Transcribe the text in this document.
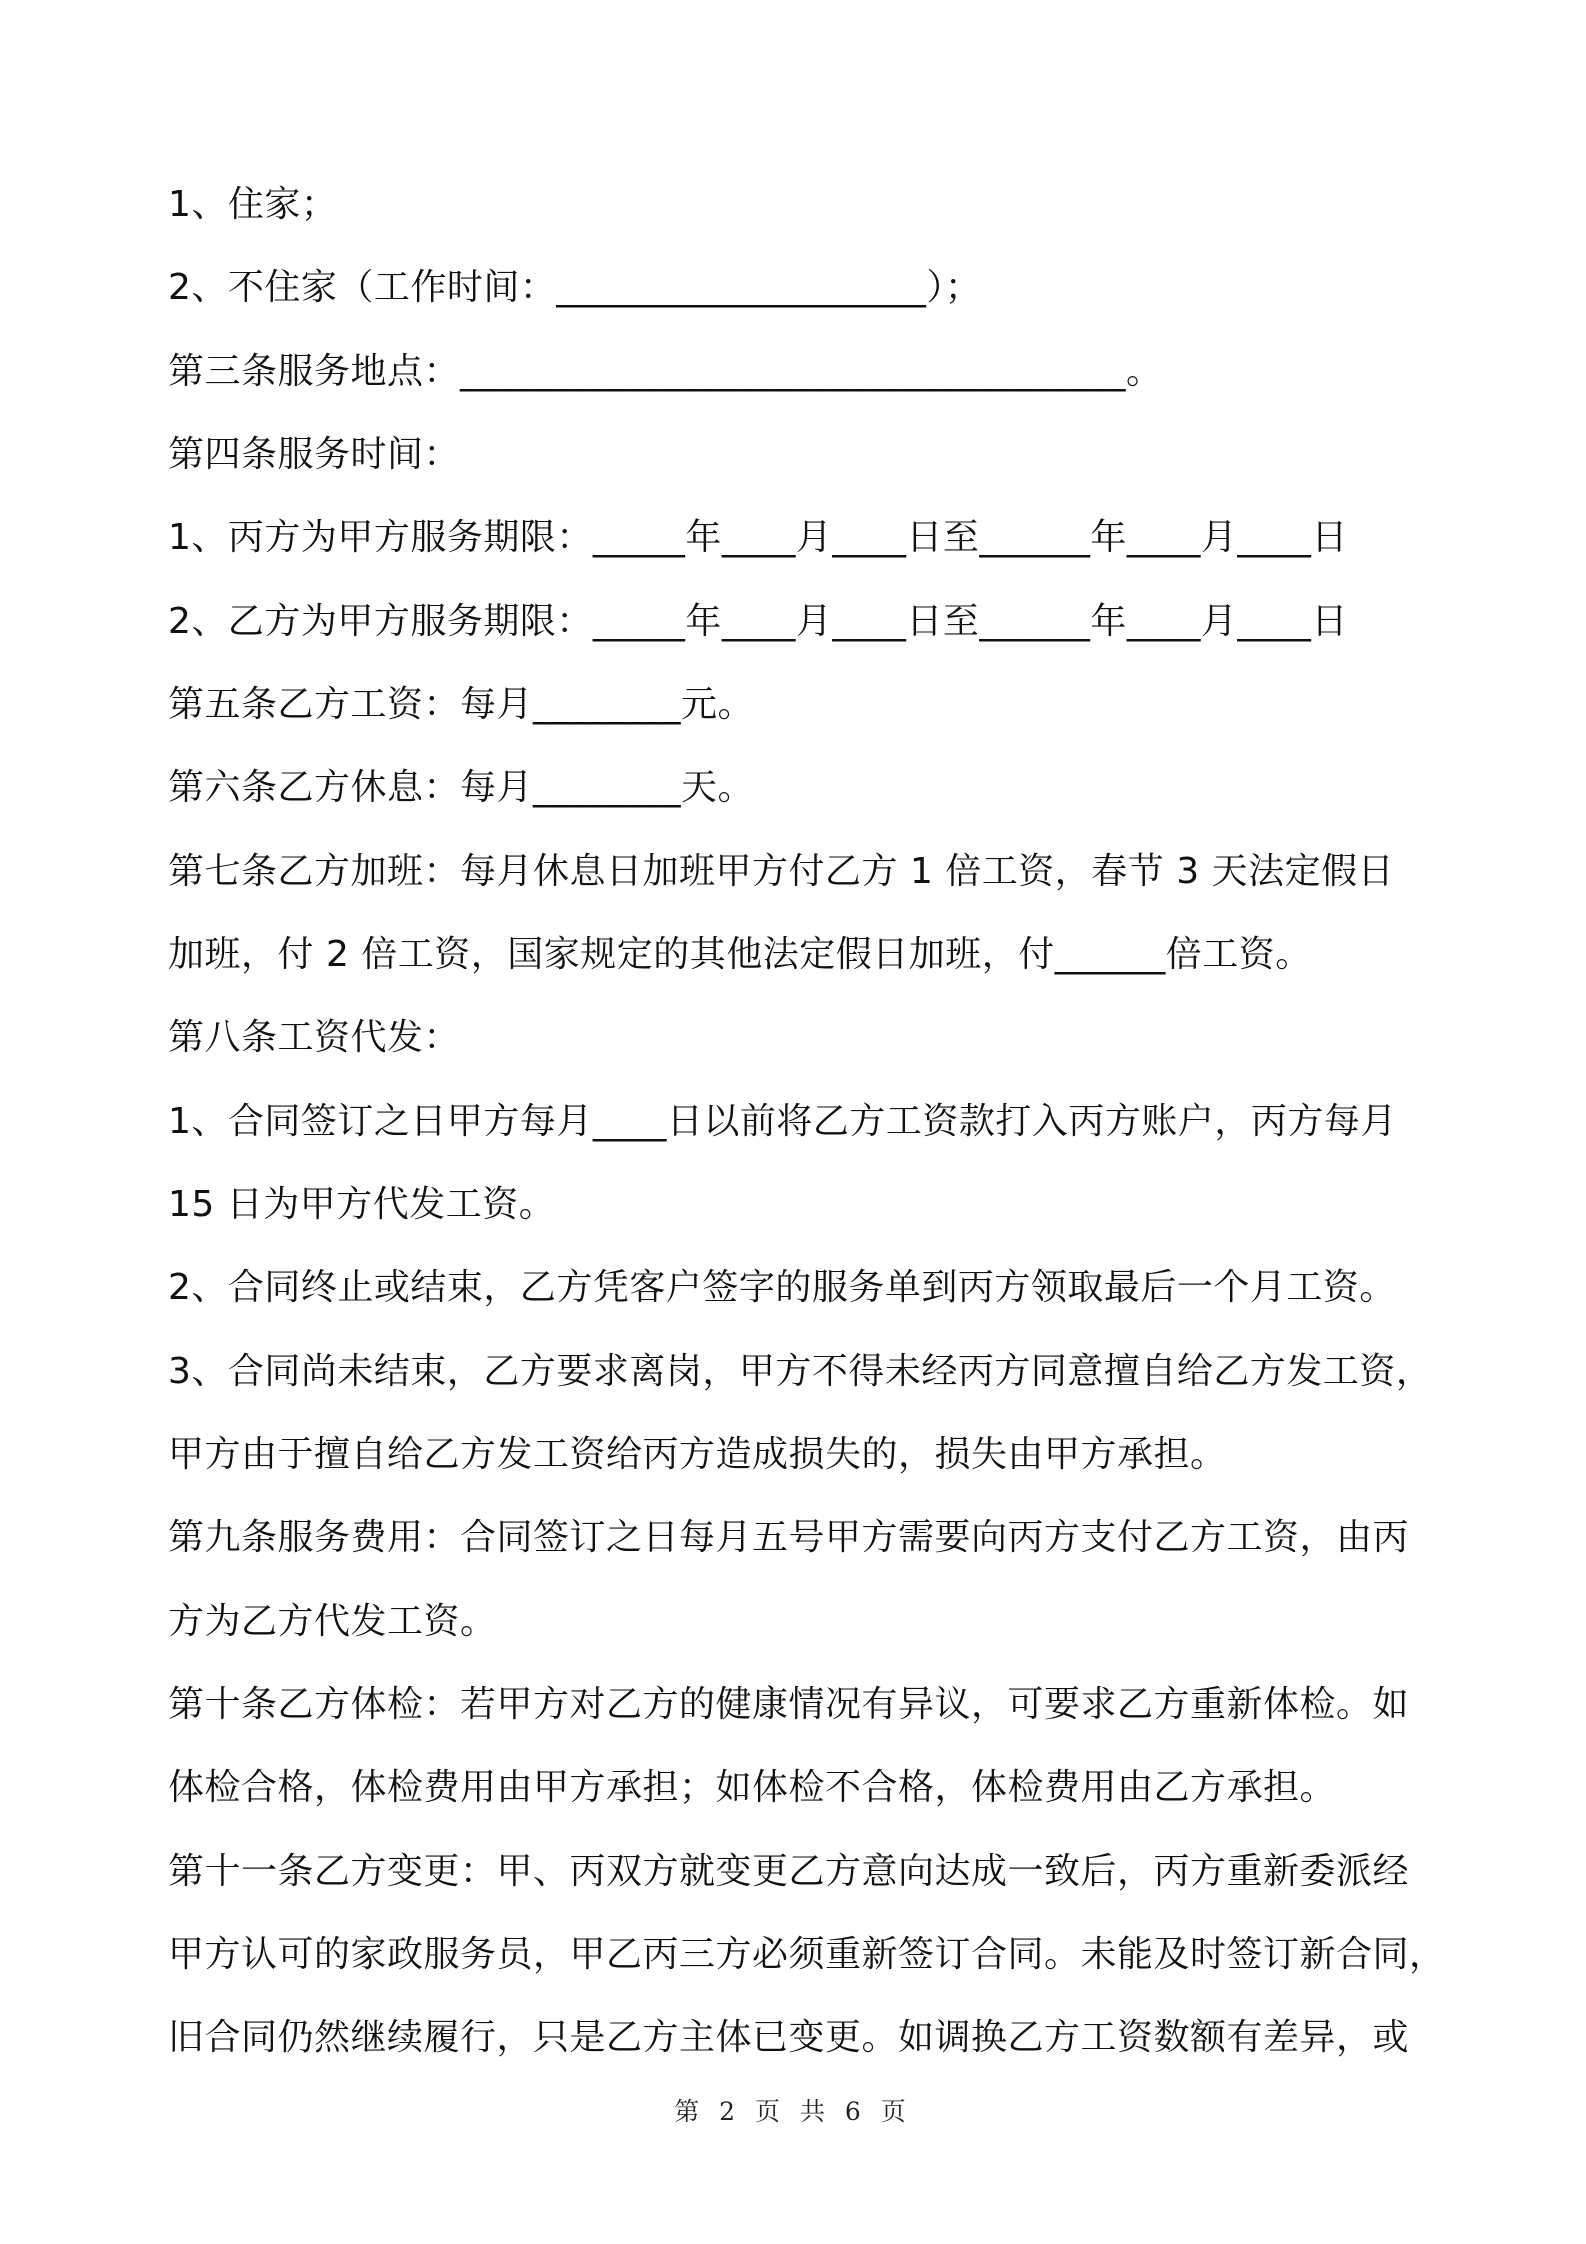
1、住家；
2、不住家（工作时间：____________________）；
第三条服务地点：____________________________________。
第四条服务时间：
1、丙方为甲方服务期限：_____年____月____日至______年____月____日
2、乙方为甲方服务期限：_____年____月____日至______年____月____日
第五条乙方工资：每月________元。
第六条乙方休息：每月________天。
第七条乙方加班：每月休息日加班甲方付乙方 1 倍工资，春节 3 天法定假日
加班，付 2 倍工资，国家规定的其他法定假日加班，付______倍工资。
第八条工资代发：
1、合同签订之日甲方每月____日以前将乙方工资款打入丙方账户，丙方每月
15 日为甲方代发工资。
2、合同终止或结束，乙方凭客户签字的服务单到丙方领取最后一个月工资。
3、合同尚未结束，乙方要求离岗，甲方不得未经丙方同意擅自给乙方发工资，
甲方由于擅自给乙方发工资给丙方造成损失的，损失由甲方承担。
第九条服务费用：合同签订之日每月五号甲方需要向丙方支付乙方工资，由丙
方为乙方代发工资。
第十条乙方体检：若甲方对乙方的健康情况有异议，可要求乙方重新体检。如
体检合格，体检费用由甲方承担；如体检不合格，体检费用由乙方承担。
第十一条乙方变更：甲、丙双方就变更乙方意向达成一致后，丙方重新委派经
甲方认可的家政服务员，甲乙丙三方必须重新签订合同。未能及时签订新合同，
旧合同仍然继续履行，只是乙方主体已变更。如调换乙方工资数额有差异，或
第 2 页 共 6 页
